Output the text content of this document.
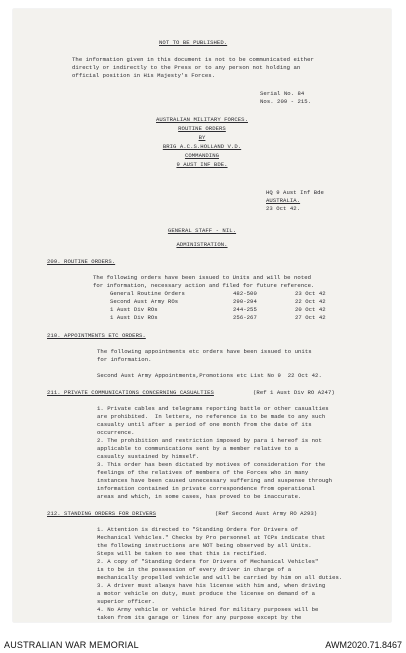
NOT TO BE PUBLISHED.
The information given in this document is not to be communicated either
directly or indirectly to the Press or to any person not holding an
official position in His Majesty's Forces.
Serial No. 84
Nos. 209 - 215.
AUSTRALIAN MILITARY FORCES.
ROUTINE ORDERS
BY
BRIG A.C.S.HOLLAND V.D.
COMMANDING
9 AUST INF BDE.
HQ 9 Aust Inf Bde
AUSTRALIA.
23 Oct 42.
GENERAL STAFF - NIL.
ADMINISTRATION.
209. ROUTINE ORDERS.
The following orders have been issued to Units and will be noted
for information, necessary action and filed for future reference.
General Routine Orders	482-500	23 Oct 42
Second Aust Army ROs	290-294	22 Oct 42
1 Aust Div ROs	244-255	20 Oct 42
1 Aust Div ROs	256-267	27 Oct 42
210. APPOINTMENTS ETC ORDERS.
The following appointments etc orders have been issued to units
for information.
Second Aust Army Appointments,Promotions etc List No 9  22 Oct 42.
211. PRIVATE COMMUNICATIONS CONCERNING CASUALTIES	(Ref 1 Aust Div RO A247)
1. Private cables and telegrams reporting battle or other casualties
are prohibited.  In letters, no reference is to be made to any such
casualty until after a period of one month from the date of its
occurrence.
2. The prohibition and restriction imposed by para 1 hereof is not
applicable to communications sent by a member relative to a
casualty sustained by himself.
3. This order has been dictated by motives of consideration for the
feelings of the relatives of members of the Forces who in many
instances have been caused unnecessary suffering and suspense through
information contained in private correspondence from operational
areas and which, in some cases, has proved to be inaccurate.
212. STANDING ORDERS FOR DRIVERS	(Ref Second Aust Army RO A293)
1. Attention is directed to "Standing Orders for Drivers of
Mechanical Vehicles." Checks by Pro personnel at TCPs indicate that
the following instructions are NOT being observed by all Units.
Steps will be taken to see that this is rectified.
2. A copy of "Standing Orders for Drivers of Mechanical Vehicles"
is to be in the possession of every driver in charge of a
mechanically propelled vehicle and will be carried by him on all duties.
3. A driver must always have his license with him and, when driving
a motor vehicle on duty, must produce the license on demand of a
superior officer.
4. No Army vehicle or vehicle hired for military purposes will be
taken from its garage or lines for any purpose except by the
AUSTRALIAN WAR MEMORIAL	AWM2020.71.8467
